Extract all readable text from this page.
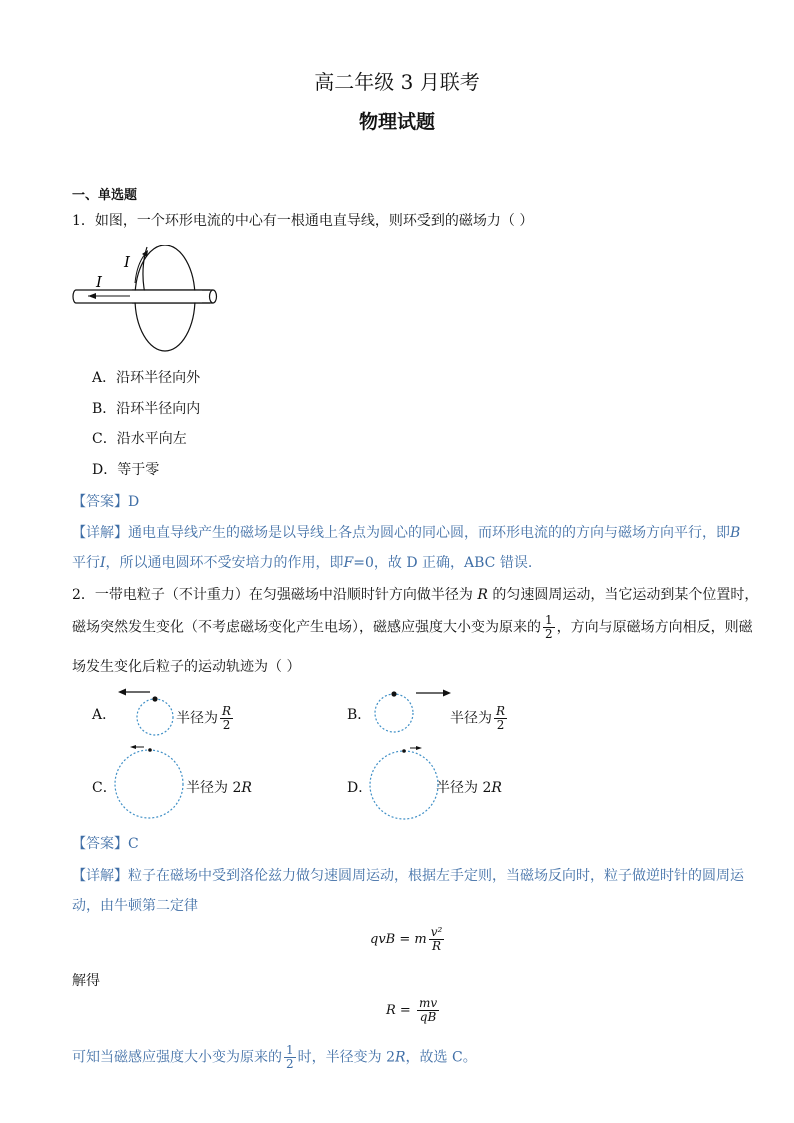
高二年级 3 月联考
物理试题
一、单选题
1．如图，一个环形电流的中心有一根通电直导线，则环受到的磁场力（ ）
I
I
A．沿环半径向外
B．沿环半径向内
C．沿水平向左
D．等于零
【答案】D
【详解】通电直导线产生的磁场是以导线上各点为圆心的同心圆，而环形电流的的方向与磁场方向平行，即B
平行I，所以通电圆环不受安培力的作用，即F=0，故 D 正确，ABC 错误.
2．一带电粒子（不计重力）在匀强磁场中沿顺时针方向做半径为 R 的匀速圆周运动，当它运动到某个位置时，
磁场突然发生变化（不考虑磁场变化产生电场），磁感应强度大小变为原来的 $\frac{1}{2}$ ，方向与原磁场方向相反，则磁
场发生变化后粒子的运动轨迹为（ ）
A．	半径为 $\frac{R}{2}$	B．	半径为 $\frac{R}{2}$
C．	半径为 2R	D．	半径为 2R
【答案】C
【详解】粒子在磁场中受到洛伦兹力做匀速圆周运动，根据左手定则，当磁场反向时，粒子做逆时针的圆周运
动，由牛顿第二定律
qvB = m $\frac{\text{v²}}{R}$
解得
$R = \frac{mv}{qB}$
可知当磁感应强度大小变为原来的 $\frac{1}{2}$ 时，半径变为 2R，故选 C。
